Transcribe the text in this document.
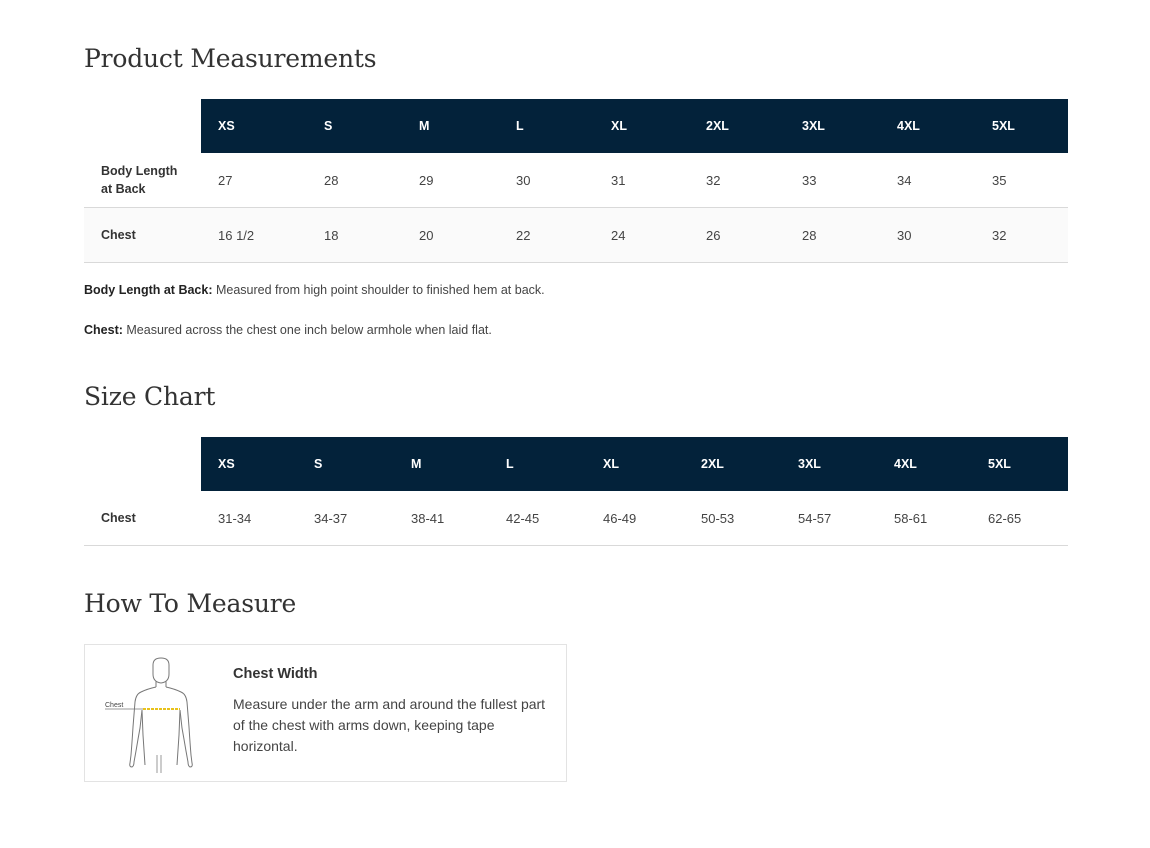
Product Measurements
	XS	S	M	L	XL	2XL	3XL	4XL	5XL
Body Length at Back	27	28	29	30	31	32	33	34	35
Chest	16 1/2	18	20	22	24	26	28	30	32

Body Length at Back: Measured from high point shoulder to finished hem at back.

Chest: Measured across the chest one inch below armhole when laid flat.

Size Chart
	XS	S	M	L	XL	2XL	3XL	4XL	5XL
Chest	31-34	34-37	38-41	42-45	46-49	50-53	54-57	58-61	62-65
How To Measure
Chest

Chest Width

Measure under the arm and around the fullest part of the chest with arms down, keeping tape horizontal.
